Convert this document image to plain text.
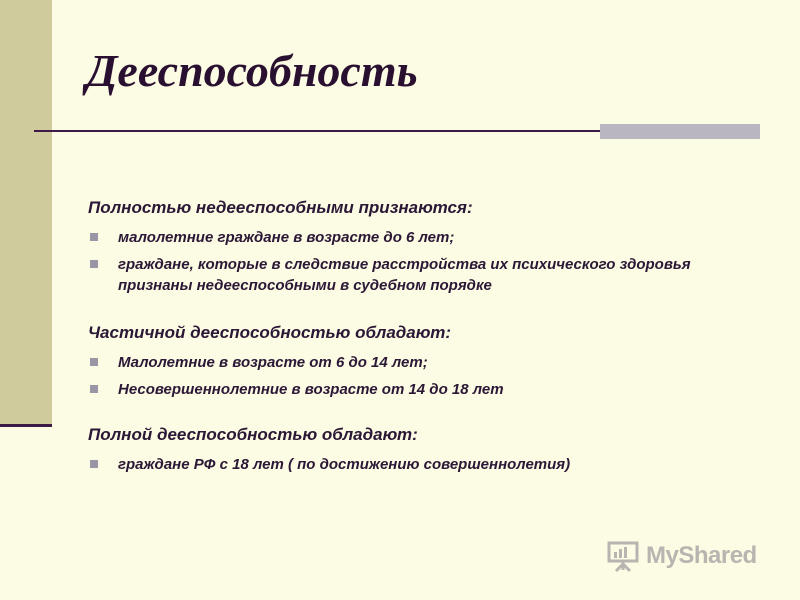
Дееспособность
Полностью недееспособными признаются:
малолетние граждане в возрасте до 6 лет;
граждане, которые в следствие расстройства их психического здоровья признаны недееспособными в судебном порядке
Частичной дееспособностью обладают:
Малолетние в возрасте от 6 до 14 лет;
Несовершеннолетние в возрасте от 14 до 18 лет
Полной дееспособностью обладают:
граждане РФ с 18 лет ( по достижению совершеннолетия)
MyShared
